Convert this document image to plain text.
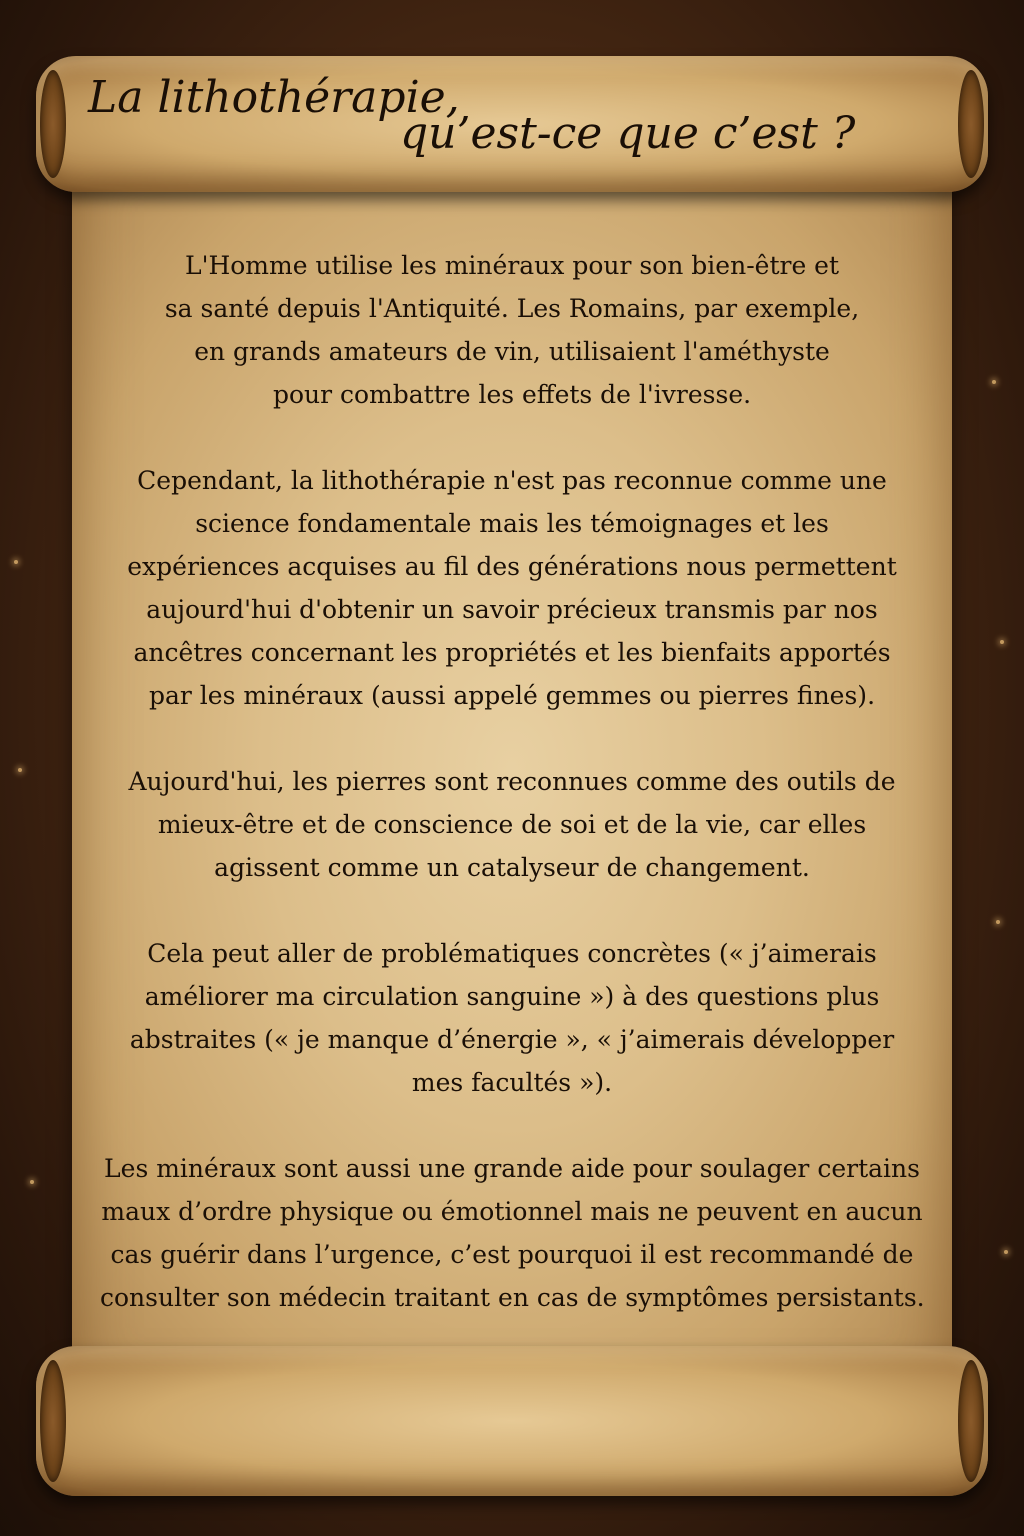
La lithothérapie,
qu’est-ce que c’est ?

L'Homme utilise les minéraux pour son bien-être et
sa santé depuis l'Antiquité. Les Romains, par exemple,
en grands amateurs de vin, utilisaient l'améthyste
pour combattre les effets de l'ivresse.

Cependant, la lithothérapie n'est pas reconnue comme une
science fondamentale mais les témoignages et les
expériences acquises au fil des générations nous permettent
aujourd'hui d'obtenir un savoir précieux transmis par nos
ancêtres concernant les propriétés et les bienfaits apportés
par les minéraux (aussi appelé gemmes ou pierres fines).

Aujourd'hui, les pierres sont reconnues comme des outils de
mieux-être et de conscience de soi et de la vie, car elles
agissent comme un catalyseur de changement.

Cela peut aller de problématiques concrètes (« j’aimerais
améliorer ma circulation sanguine ») à des questions plus
abstraites (« je manque d’énergie », « j’aimerais développer
mes facultés »).

Les minéraux sont aussi une grande aide pour soulager certains
maux d’ordre physique ou émotionnel mais ne peuvent en aucun
cas guérir dans l’urgence, c’est pourquoi il est recommandé de
consulter son médecin traitant en cas de symptômes persistants.
